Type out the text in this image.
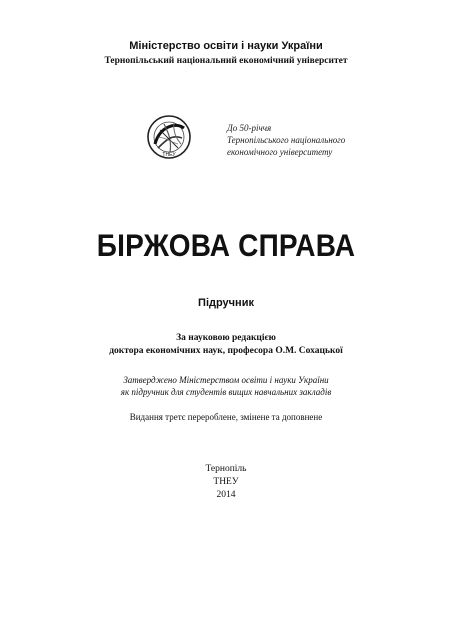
Міністерство освіти і науки України
Тернопільський національний економічний університет
ТНЕУ
До 50-річчя
Тернопільського національного
економічного університету
БІРЖОВА СПРАВА
Підручник
За науковою редакцією
доктора економічних наук, професора О.М. Сохацької
Затверджено Міністерством освіти і науки України
як підручник для студентів вищих навчальних закладів
Видання третє перероблене, змінене та доповнене
Тернопіль
ТНЕУ
2014
